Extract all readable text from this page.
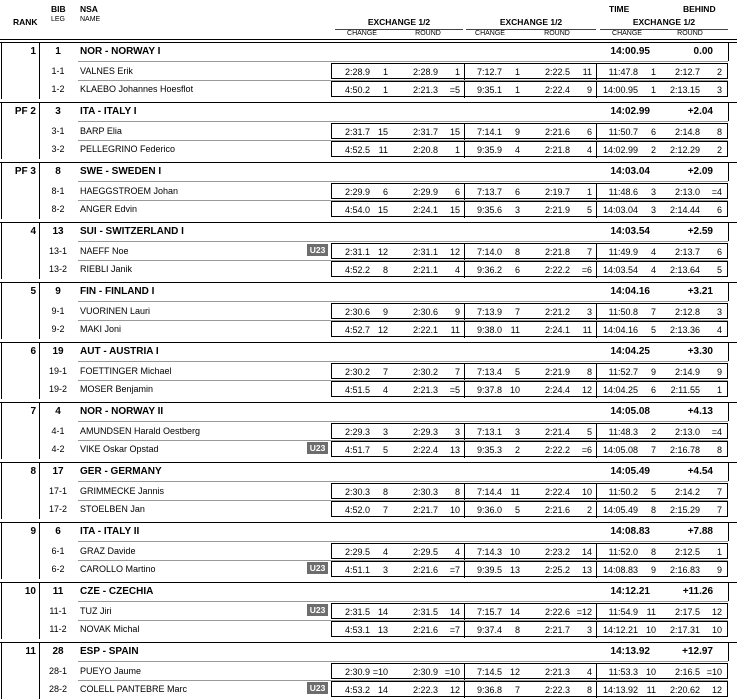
RANK
BIB
LEG
NSA
NAME	EXCHANGE 1/2
CHANGE	ROUND
EXCHANGE 1/2
CHANGE	ROUND
TIME	BEHIND
EXCHANGE 1/2
CHANGE	ROUND
1	1	NOR - NORWAY I	14:00.95	0.00
1-1	VALNES Erik	2:28.9	1	2:28.9	1	7:12.7	1	2:22.5	11	11:47.8	1	2:12.7	2
1-2	KLAEBO Johannes Hoesflot	4:50.2	1	2:21.3	=5	9:35.1	1	2:22.4	9	14:00.95	1	2:13.15	3
PF 2	3	ITA - ITALY I	14:02.99	+2.04
3-1	BARP Elia	2:31.7 15	2:31.7	15	7:14.1	9	2:21.6	6	11:50.7	6	2:14.8	8
3-2	PELLEGRINO Federico	4:52.5 11	2:20.8	1	9:35.9	4	2:21.8	4	14:02.99	2	2:12.29	2
PF 3	8	SWE - SWEDEN I	14:03.04	+2.09
8-1	HAEGGSTROEM Johan	2:29.9	6	2:29.9	6	7:13.7	6	2:19.7	1	11:48.6	3	2:13.0	=4
8-2	ANGER Edvin	4:54.0 15	2:24.1	15	9:35.6	3	2:21.9	5	14:03.04	3	2:14.44	6
4	13	SUI - SWITZERLAND I	14:03.54	+2.59
13-1	NAEFF Noe	U23	2:31.1 12	2:31.1	12	7:14.0	8	2:21.8	7	11:49.9	4	2:13.7	6
13-2	RIEBLI Janik	4:52.2	8	2:21.1	4	9:36.2	6	2:22.2	=6	14:03.54	4	2:13.64	5
5	9	FIN - FINLAND I	14:04.16	+3.21
9-1	VUORINEN Lauri	2:30.6	9	2:30.6	9	7:13.9	7	2:21.2	3	11:50.8	7	2:12.8	3
9-2	MAKI Joni	4:52.7 12	2:22.1	11	9:38.0 11	2:24.1	11	14:04.16	5	2:13.36	4
6	19	AUT - AUSTRIA I	14:04.25	+3.30
19-1	FOETTINGER Michael	2:30.2	7	2:30.2	7	7:13.4	5	2:21.9	8	11:52.7	9	2:14.9	9
19-2	MOSER Benjamin	4:51.5	4	2:21.3	=5	9:37.8 10	2:24.4	12	14:04.25	6	2:11.55	1
7	4	NOR - NORWAY II	14:05.08	+4.13
4-1	AMUNDSEN Harald Oestberg	2:29.3	3	2:29.3	3	7:13.1	3	2:21.4	5	11:48.3	2	2:13.0	=4
4-2	VIKE Oskar Opstad	U23	4:51.7	5	2:22.4	13	9:35.3	2	2:22.2	=6	14:05.08	7	2:16.78	8
8	17	GER - GERMANY	14:05.49	+4.54
17-1	GRIMMECKE Jannis	2:30.3	8	2:30.3	8	7:14.4 11	2:22.4	10	11:50.2	5	2:14.2	7
17-2	STOELBEN Jan	4:52.0	7	2:21.7	10	9:36.0	5	2:21.6	2	14:05.49	8	2:15.29	7
9	6	ITA - ITALY II	14:08.83	+7.88
6-1	GRAZ Davide	2:29.5	4	2:29.5	4	7:14.3 10	2:23.2	14	11:52.0	8	2:12.5	1
6-2	CAROLLO Martino	U23	4:51.1	3	2:21.6	=7	9:39.5 13	2:25.2	13	14:08.83	9	2:16.83	9
10	11	CZE - CZECHIA	14:12.21	+11.26
11-1	TUZ Jiri	U23	2:31.5 14	2:31.5	14	7:15.7 14	2:22.6 =12	11:54.9 11	2:17.5	12
11-2	NOVAK Michal	4:53.1 13	2:21.6	=7	9:37.4	8	2:21.7	3	14:12.21 10	2:17.31	10
11	28	ESP - SPAIN	14:13.92	+12.97
28-1	PUEYO Jaume	2:30.9 =10	2:30.9 =10	7:14.5 12	2:21.3	4	11:53.3 10	2:16.5 =10
28-2	COLELL PANTEBRE Marc	U23	4:53.2 14	2:22.3	12	9:36.8	7	2:22.3	8	14:13.92 11	2:20.62	12
